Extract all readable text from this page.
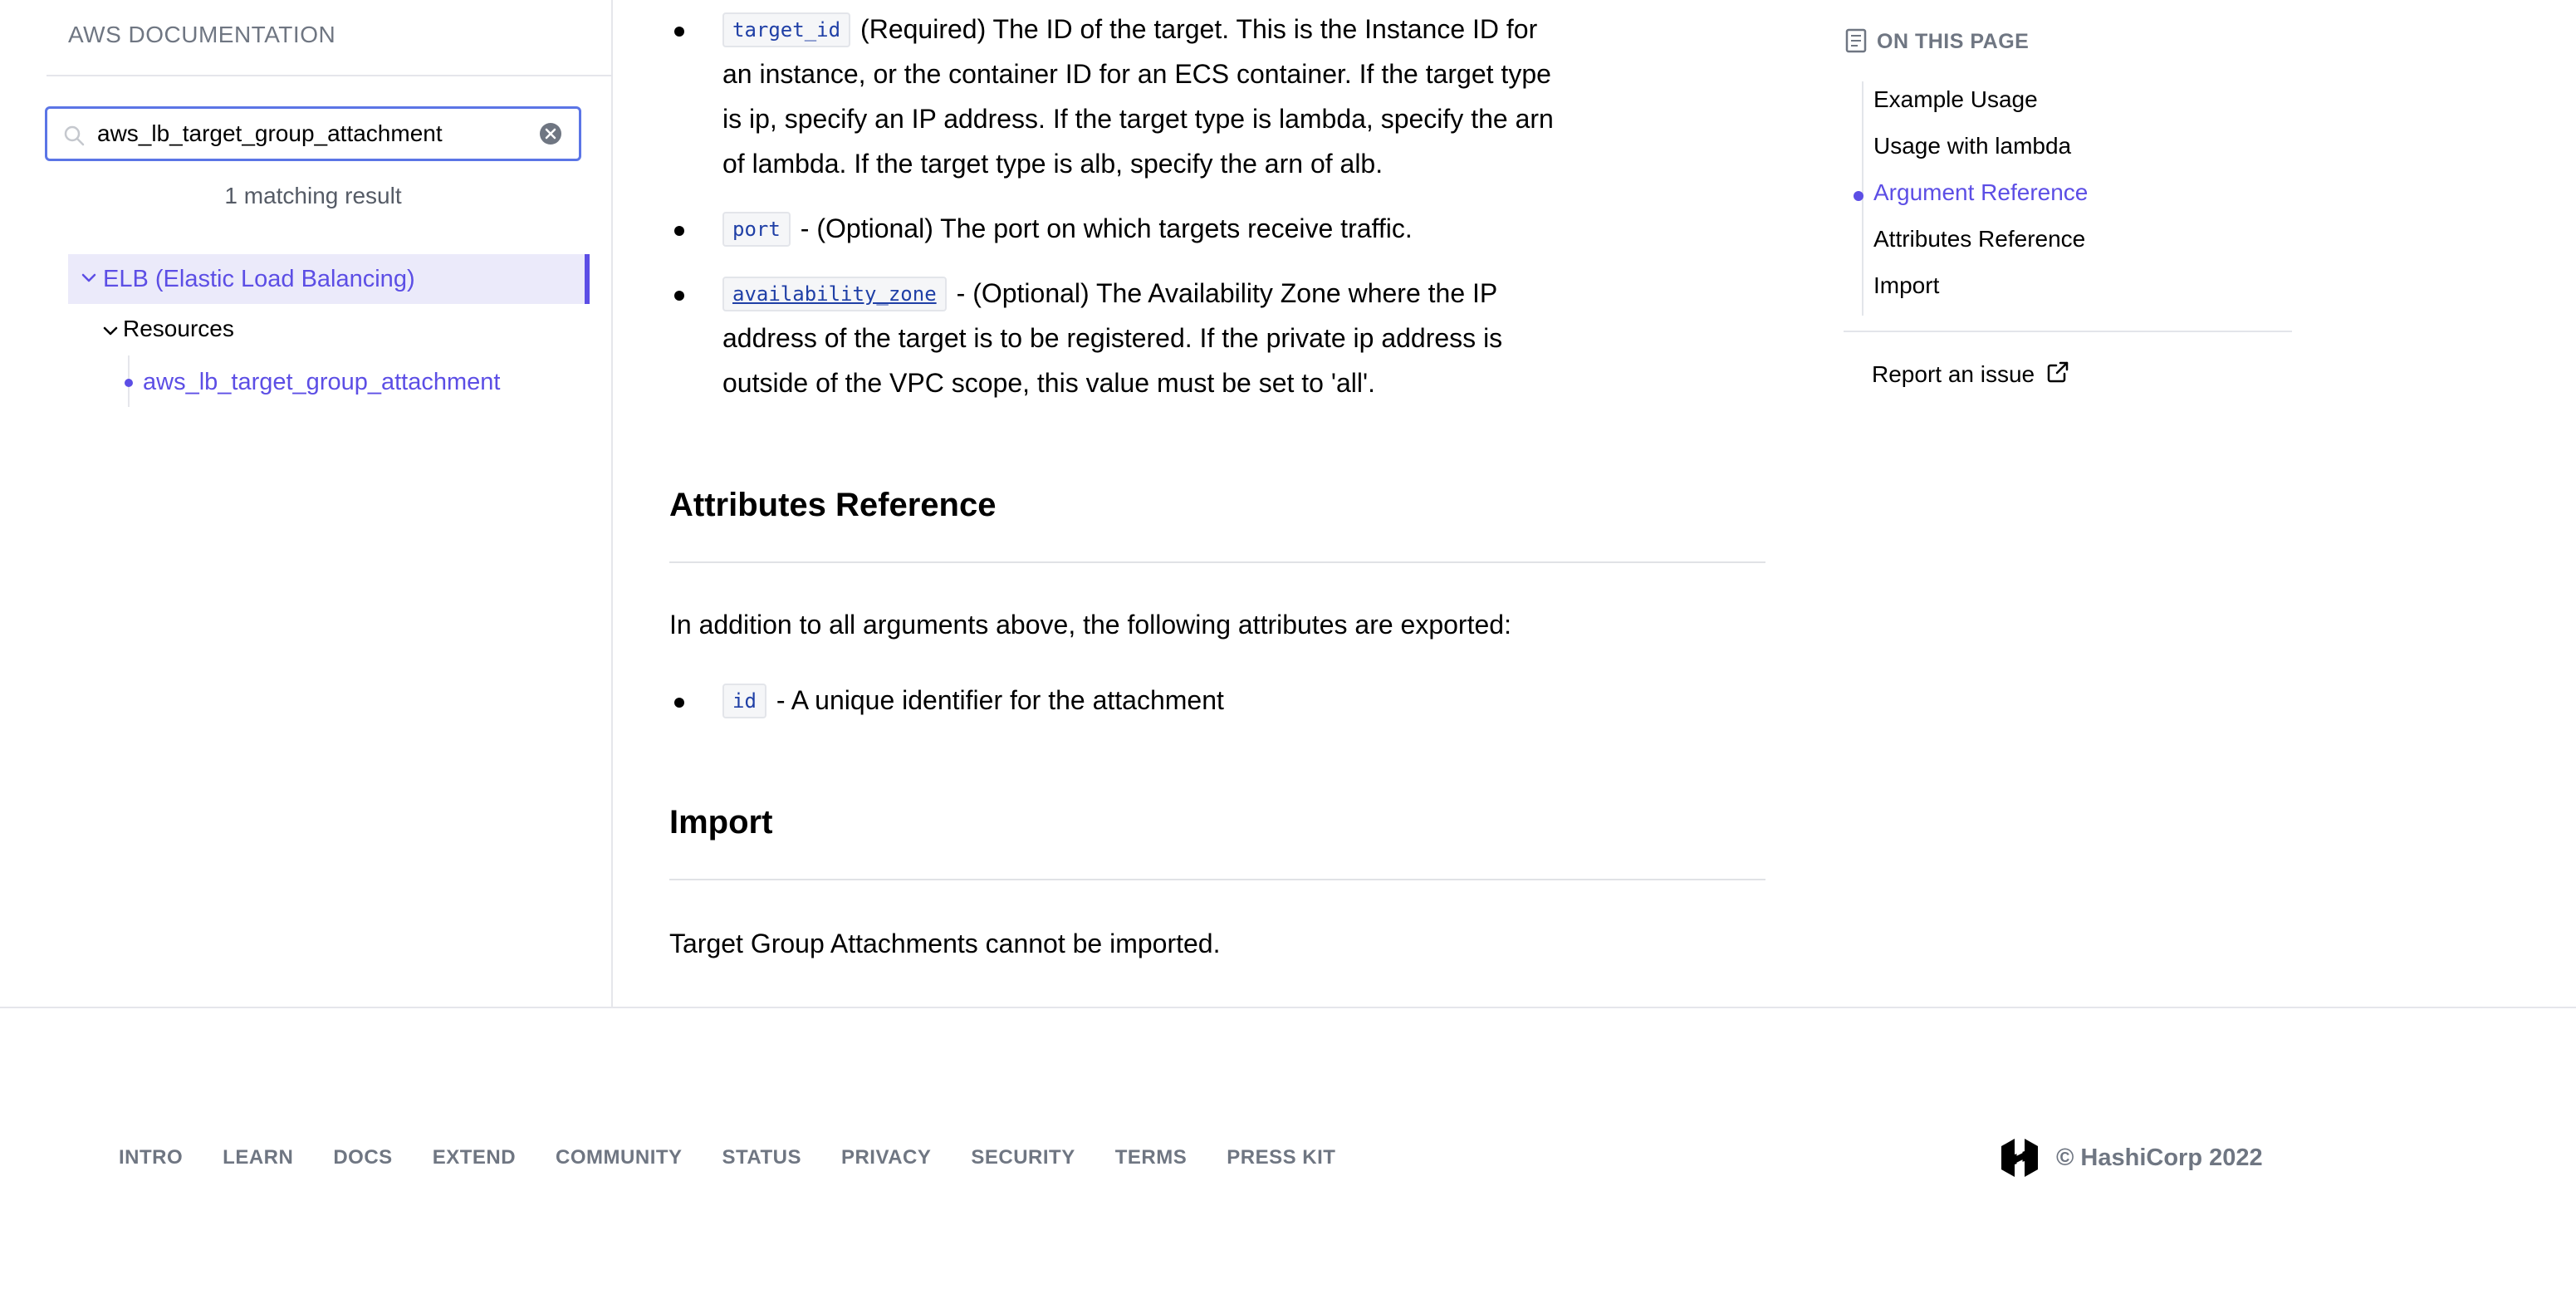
AWS DOCUMENTATION
aws_lb_target_group_attachment
1 matching result
ELB (Elastic Load Balancing)
Resources
aws_lb_target_group_attachment
target_id (Required) The ID of the target. This is the Instance ID for an instance, or the container ID for an ECS container. If the target type is ip, specify an IP address. If the target type is lambda, specify the arn of lambda. If the target type is alb, specify the arn of alb.
port - (Optional) The port on which targets receive traffic.
availability_zone - (Optional) The Availability Zone where the IP address of the target is to be registered. If the private ip address is outside of the VPC scope, this value must be set to 'all'.
Attributes Reference
In addition to all arguments above, the following attributes are exported:
id - A unique identifier for the attachment
Import
Target Group Attachments cannot be imported.
ON THIS PAGE
Example Usage
Usage with lambda
Argument Reference
Attributes Reference
Import
Report an issue
INTRO LEARN DOCS EXTEND COMMUNITY STATUS PRIVACY SECURITY TERMS PRESS KIT	© HashiCorp 2022
